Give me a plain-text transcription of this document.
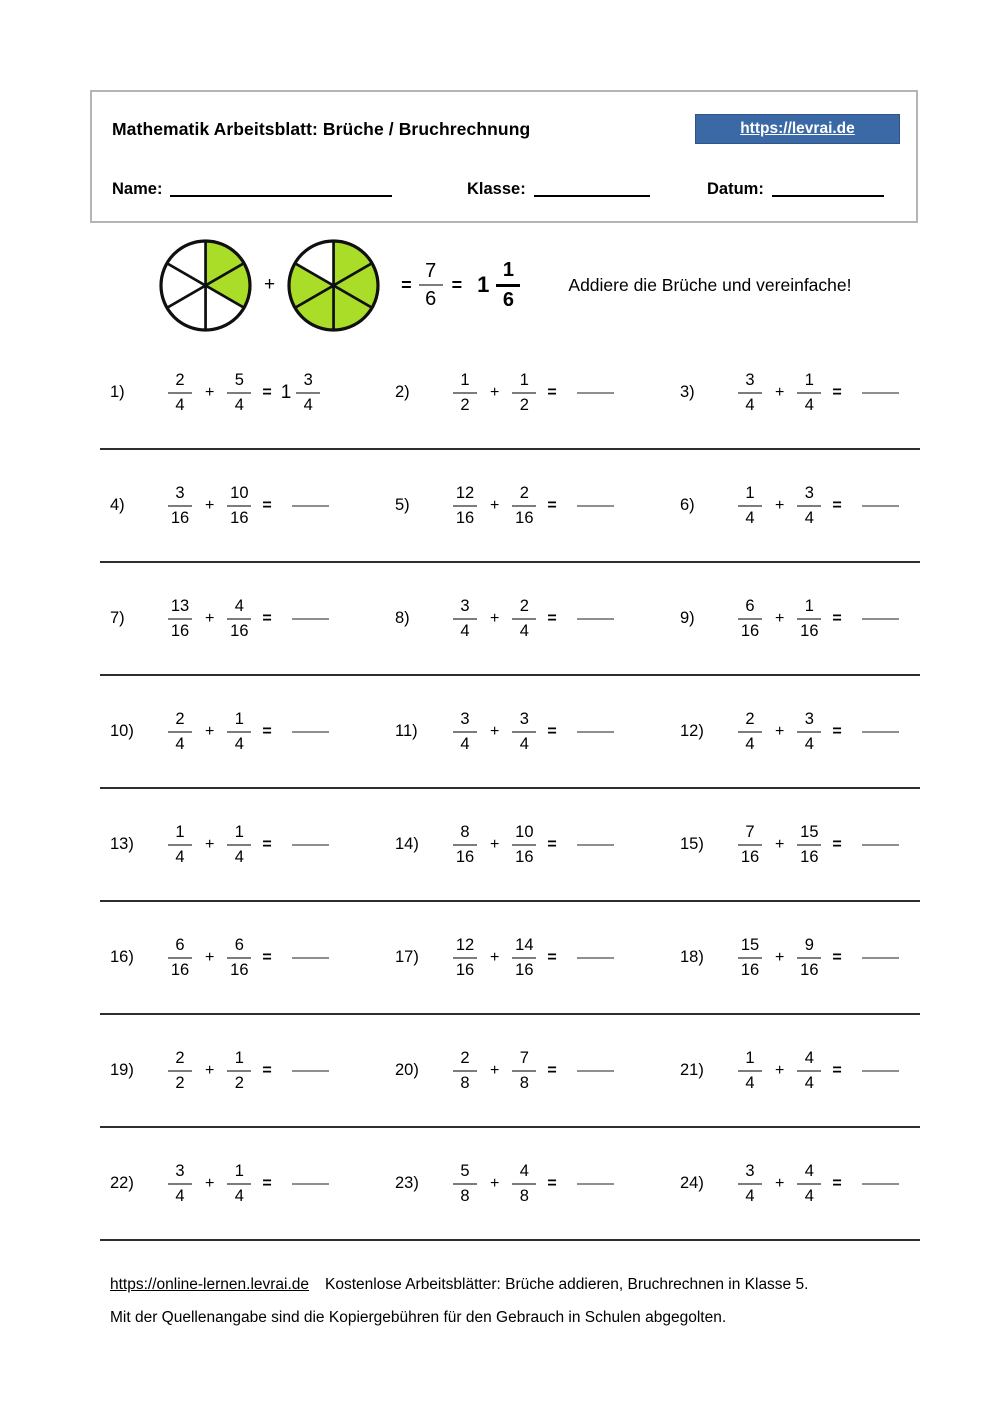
Mathematik Arbeitsblatt: Brüche / Bruchrechnung	https://levrai.de
Name:	Klasse:	Datum:
+	= $\frac{7}{6} = 1 \frac{1}{6}$	Addiere die Brüche und vereinfache!
1)	$\frac{2}{4} + \frac{5}{4} = 1 \frac{3}{4}$	2)	$\frac{1}{2} + \frac{1}{2}$ =	3)	$\frac{3}{4} + \frac{1}{4}$ =
4)	$\frac{3}{16} + \frac{10}{16}$ =	5)	$\frac{12}{16} + \frac{2}{16}$ =	6)	$\frac{1}{4} + \frac{3}{4}$ =
7)	$\frac{13}{16} + \frac{4}{16}$ =	8)	$\frac{3}{4} + \frac{2}{4}$ =	9)	$\frac{6}{16} + \frac{1}{16}$ =
10)	$\frac{2}{4} + \frac{1}{4}$ =	11)	$\frac{3}{4} + \frac{3}{4}$ =	12)	$\frac{2}{4} + \frac{3}{4}$ =
13)	$\frac{1}{4} + \frac{1}{4}$ =	14)	$\frac{8}{16} + \frac{10}{16}$ =	15)	$\frac{7}{16} + \frac{15}{16}$ =
16)	$\frac{6}{16} + \frac{6}{16}$ =	17)	$\frac{12}{16} + \frac{14}{16}$ =	18)	$\frac{15}{16} + \frac{9}{16}$ =
19)	$\frac{2}{2} + \frac{1}{2}$ =	20)	$\frac{2}{8} + \frac{7}{8}$ =	21)	$\frac{1}{4} + \frac{4}{4}$ =
22)	$\frac{3}{4} + \frac{1}{4}$ =	23)	$\frac{5}{8} + \frac{4}{8}$ =	24)	$\frac{3}{4} + \frac{4}{4}$ =
https://online-lernen.levrai.de Kostenlose Arbeitsblätter: Brüche addieren, Bruchrechnen in Klasse 5.
Mit der Quellenangabe sind die Kopiergebühren für den Gebrauch in Schulen abgegolten.
